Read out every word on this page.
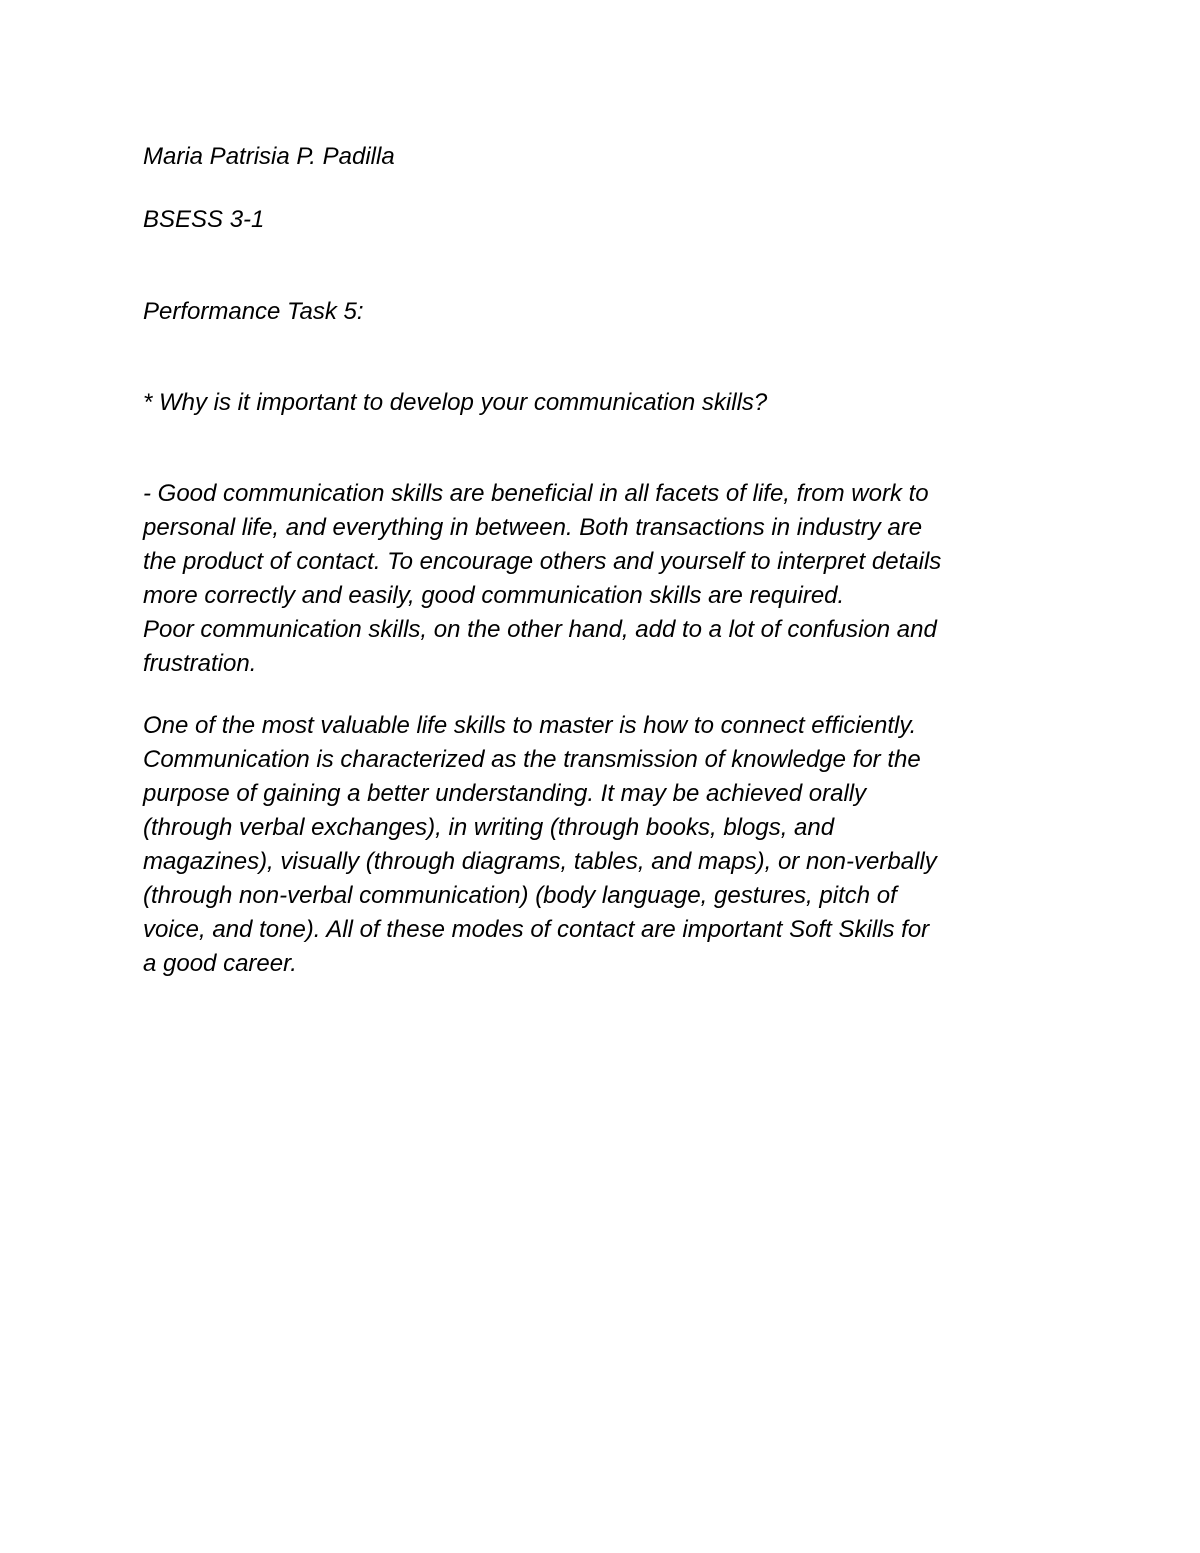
Maria Patrisia P. Padilla

BSESS 3-1

Performance Task 5:

* Why is it important to develop your communication skills?

- Good communication skills are beneficial in all facets of life, from work to
personal life, and everything in between. Both transactions in industry are
the product of contact. To encourage others and yourself to interpret details
more correctly and easily, good communication skills are required.
Poor communication skills, on the other hand, add to a lot of confusion and
frustration.
One of the most valuable life skills to master is how to connect efficiently.
Communication is characterized as the transmission of knowledge for the
purpose of gaining a better understanding. It may be achieved orally
(through verbal exchanges), in writing (through books, blogs, and
magazines), visually (through diagrams, tables, and maps), or non-verbally
(through non-verbal communication) (body language, gestures, pitch of
voice, and tone). All of these modes of contact are important Soft Skills for
a good career.
